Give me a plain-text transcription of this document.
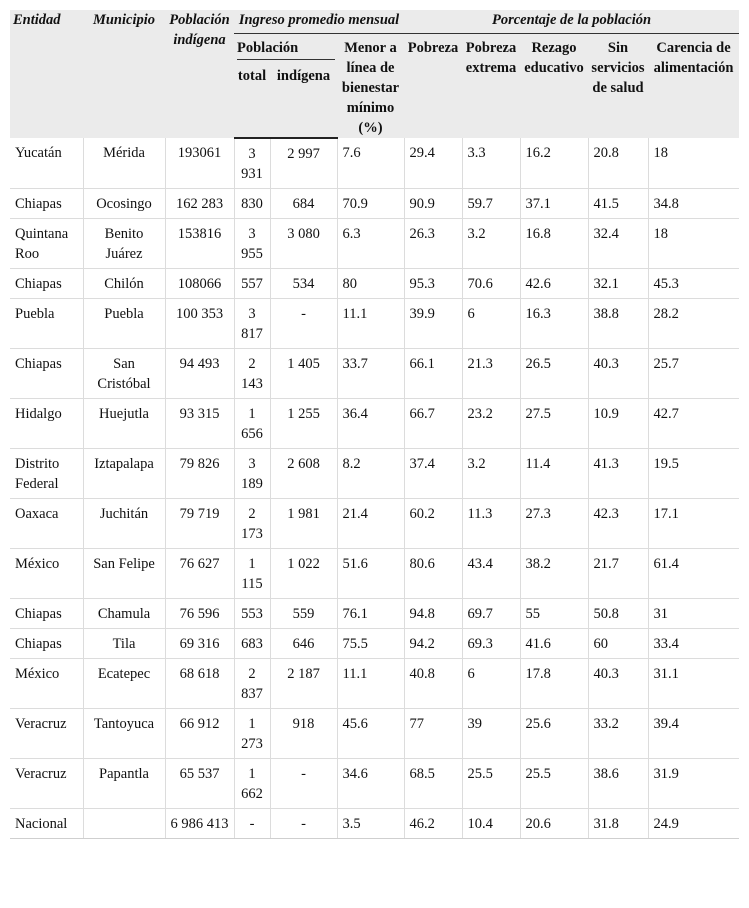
Entidad	Municipio	Población indígena	Ingreso promedio mensual			Porcentaje de la población				

			Población		Menor a línea de bienestar mínimo (%)	Pobreza	Pobreza extrema	Rezago educativo	Sin servicios de salud	Carencia de alimentación
			total	indígena						

Yucatán	Mérida	193061	3 931	2 997	7.6	29.4	3.3	16.2	20.8	18
Chiapas	Ocosingo	162 283	830	684	70.9	90.9	59.7	37.1	41.5	34.8
Quintana Roo	Benito Juárez	153816	3 955	3 080	6.3	26.3	3.2	16.8	32.4	18
Chiapas	Chilón	108066	557	534	80	95.3	70.6	42.6	32.1	45.3
Puebla	Puebla	100 353	3 817	-	11.1	39.9	6	16.3	38.8	28.2
Chiapas	San Cristóbal	94 493	2 143	1 405	33.7	66.1	21.3	26.5	40.3	25.7
Hidalgo	Huejutla	93 315	1 656	1 255	36.4	66.7	23.2	27.5	10.9	42.7
Distrito Federal	Iztapalapa	79 826	3 189	2 608	8.2	37.4	3.2	11.4	41.3	19.5
Oaxaca	Juchitán	79 719	2 173	1 981	21.4	60.2	11.3	27.3	42.3	17.1
México	San Felipe	76 627	1 115	1 022	51.6	80.6	43.4	38.2	21.7	61.4
Chiapas	Chamula	76 596	553	559	76.1	94.8	69.7	55	50.8	31
Chiapas	Tila	69 316	683	646	75.5	94.2	69.3	41.6	60	33.4
México	Ecatepec	68 618	2 837	2 187	11.1	40.8	6	17.8	40.3	31.1
Veracruz	Tantoyuca	66 912	1 273	918	45.6	77	39	25.6	33.2	39.4
Veracruz	Papantla	65 537	1 662	-	34.6	68.5	25.5	25.5	38.6	31.9
Nacional		6 986 413	-	-	3.5	46.2	10.4	20.6	31.8	24.9
